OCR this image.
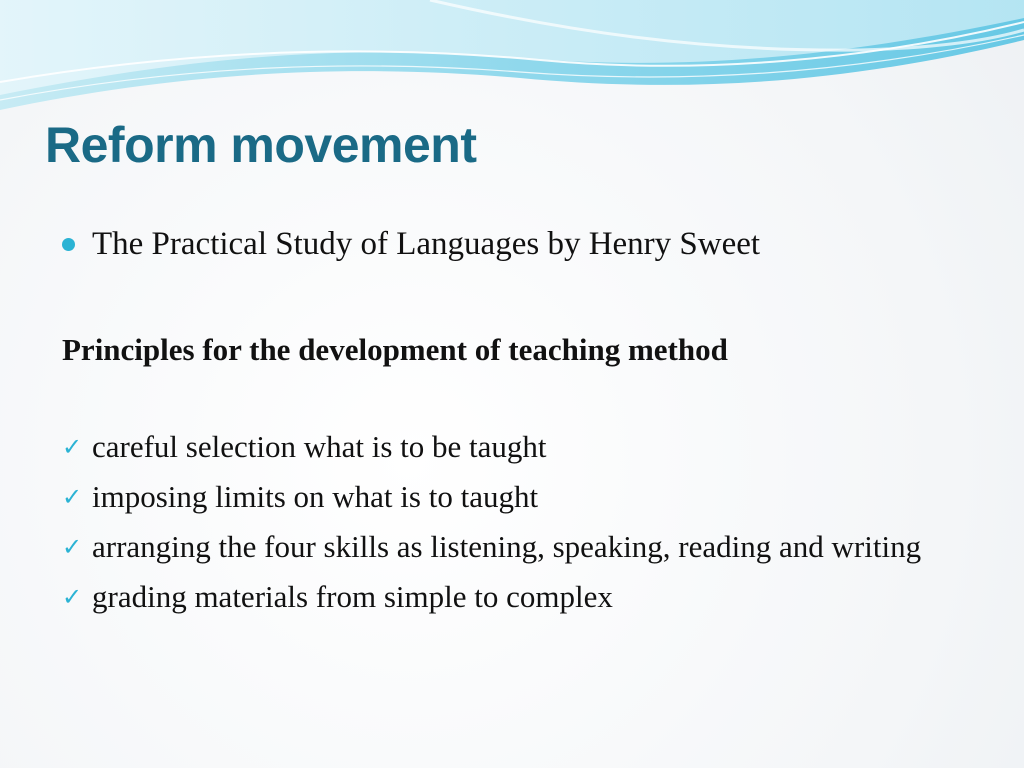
Reform movement
The Practical Study of Languages by Henry Sweet

Principles for the development of teaching method

✓ careful selection what is to be taught
✓ imposing limits on what is to taught
✓ arranging the four skills as listening, speaking, reading and writing
✓ grading materials from simple to complex
